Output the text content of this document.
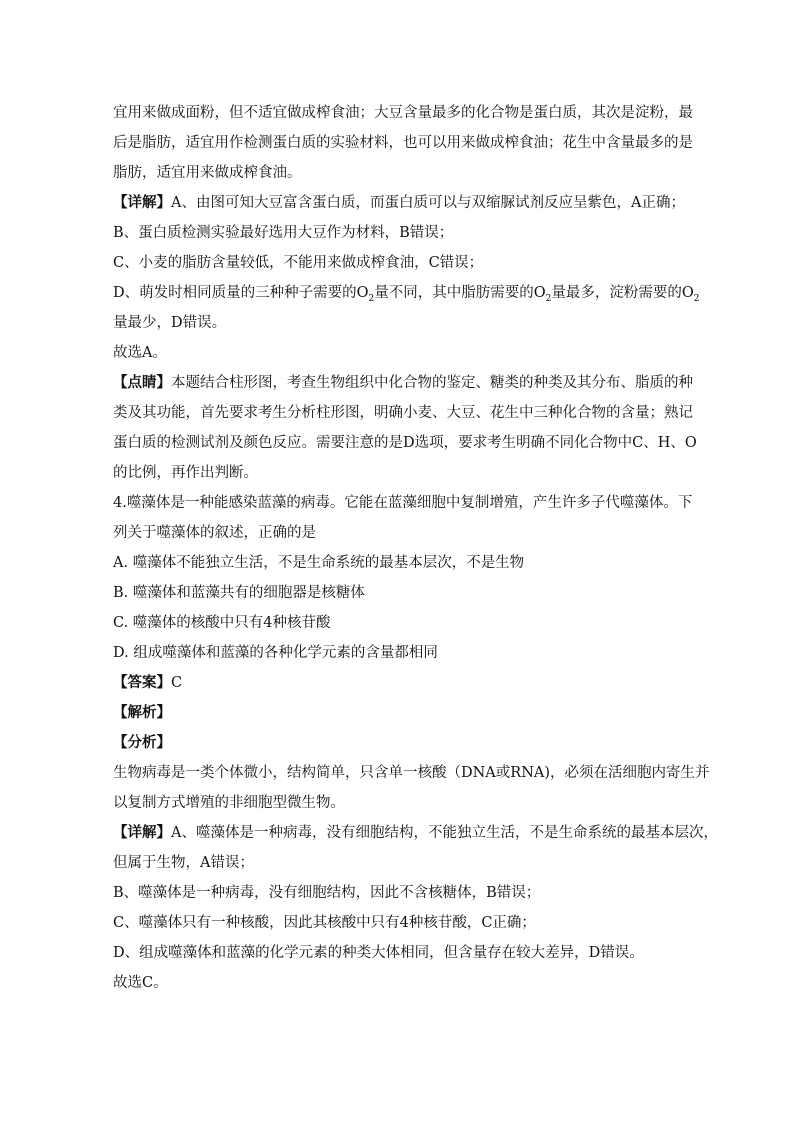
宜用来做成面粉，但不适宜做成榨食油；大豆含量最多的化合物是蛋白质，其次是淀粉，最

后是脂肪，适宜用作检测蛋白质的实验材料，也可以用来做成榨食油；花生中含量最多的是

脂肪，适宜用来做成榨食油。

【详解】A、由图可知大豆富含蛋白质，而蛋白质可以与双缩脲试剂反应呈紫色，A正确；

B、蛋白质检测实验最好选用大豆作为材料，B错误；

C、小麦的脂肪含量较低，不能用来做成榨食油，C错误；

D、萌发时相同质量的三种种子需要的$O_2$量不同，其中脂肪需要的$O_2$量最多，淀粉需要的$O_2$

量最少，D错误。

故选A。

【点睛】本题结合柱形图，考查生物组织中化合物的鉴定、糖类的种类及其分布、脂质的种

类及其功能，首先要求考生分析柱形图，明确小麦、大豆、花生中三种化合物的含量；熟记

蛋白质的检测试剂及颜色反应。需要注意的是D选项，要求考生明确不同化合物中C、H、O

的比例，再作出判断。

4.噬藻体是一种能感染蓝藻的病毒。它能在蓝藻细胞中复制增殖，产生许多子代噬藻体。下

列关于噬藻体的叙述，正确的是

A. 噬藻体不能独立生活，不是生命系统的最基本层次，不是生物

B. 噬藻体和蓝藻共有的细胞器是核糖体

C. 噬藻体的核酸中只有4种核苷酸

D. 组成噬藻体和蓝藻的各种化学元素的含量都相同

【答案】C

【解析】

【分析】

生物病毒是一类个体微小，结构简单，只含单一核酸（DNA或RNA)，必须在活细胞内寄生并

以复制方式增殖的非细胞型微生物。

【详解】A、噬藻体是一种病毒，没有细胞结构，不能独立生活，不是生命系统的最基本层次，

但属于生物，A错误；

B、噬藻体是一种病毒，没有细胞结构，因此不含核糖体，B错误；

C、噬藻体只有一种核酸，因此其核酸中只有4种核苷酸，C正确；

D、组成噬藻体和蓝藻的化学元素的种类大体相同，但含量存在较大差异，D错误。

故选C。
